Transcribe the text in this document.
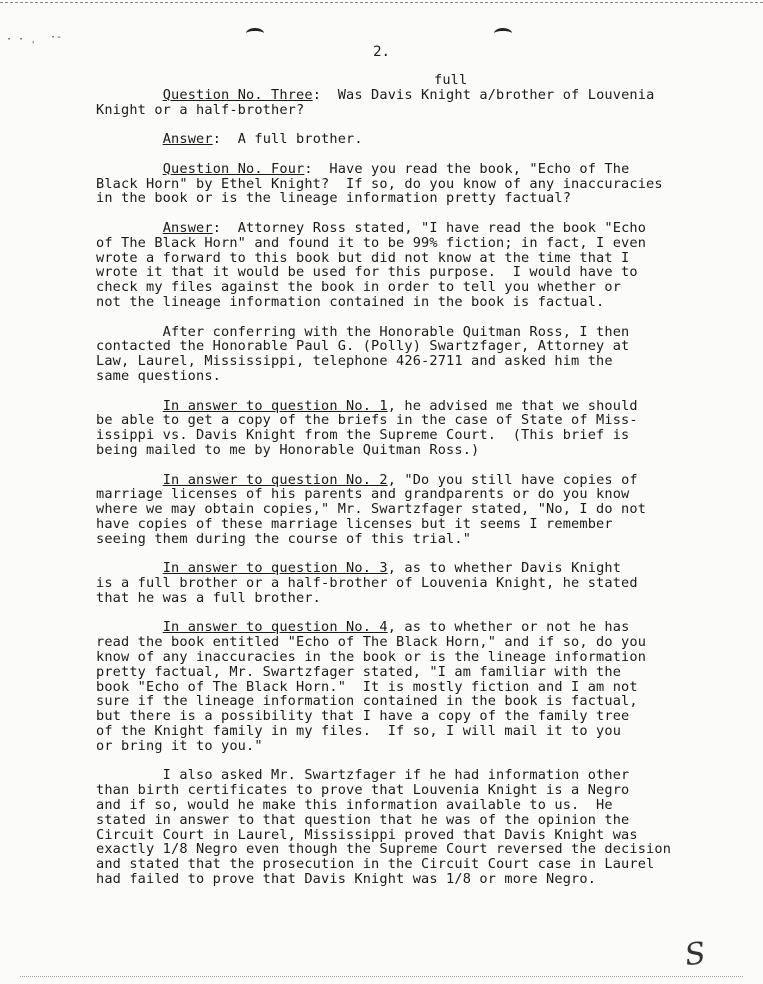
· · ˌ ·‐
2.
full
Question No. Three:  Was Davis Knight a/brother of Louvenia
Knight or a half-brother?
Answer:  A full brother.
Question No. Four:  Have you read the book, "Echo of The
Black Horn" by Ethel Knight?  If so, do you know of any inaccuracies
in the book or is the lineage information pretty factual?
Answer:  Attorney Ross stated, "I have read the book "Echo
of The Black Horn" and found it to be 99% fiction; in fact, I even
wrote a forward to this book but did not know at the time that I
wrote it that it would be used for this purpose.  I would have to
check my files against the book in order to tell you whether or
not the lineage information contained in the book is factual.
After conferring with the Honorable Quitman Ross, I then
contacted the Honorable Paul G. (Polly) Swartzfager, Attorney at
Law, Laurel, Mississippi, telephone 426-2711 and asked him the
same questions.
In answer to question No. 1, he advised me that we should
be able to get a copy of the briefs in the case of State of Miss-
issippi vs. Davis Knight from the Supreme Court.  (This brief is
being mailed to me by Honorable Quitman Ross.)
In answer to question No. 2, "Do you still have copies of
marriage licenses of his parents and grandparents or do you know
where we may obtain copies," Mr. Swartzfager stated, "No, I do not
have copies of these marriage licenses but it seems I remember
seeing them during the course of this trial."
In answer to question No. 3, as to whether Davis Knight
is a full brother or a half-brother of Louvenia Knight, he stated
that he was a full brother.
In answer to question No. 4, as to whether or not he has
read the book entitled "Echo of The Black Horn," and if so, do you
know of any inaccuracies in the book or is the lineage information
pretty factual, Mr. Swartzfager stated, "I am familiar with the
book "Echo of The Black Horn."  It is mostly fiction and I am not
sure if the lineage information contained in the book is factual,
but there is a possibility that I have a copy of the family tree
of the Knight family in my files.  If so, I will mail it to you
or bring it to you."
I also asked Mr. Swartzfager if he had information other
than birth certificates to prove that Louvenia Knight is a Negro
and if so, would he make this information available to us.  He
stated in answer to that question that he was of the opinion the
Circuit Court in Laurel, Mississippi proved that Davis Knight was
exactly 1/8 Negro even though the Supreme Court reversed the decision
and stated that the prosecution in the Circuit Court case in Laurel
had failed to prove that Davis Knight was 1/8 or more Negro.
S
